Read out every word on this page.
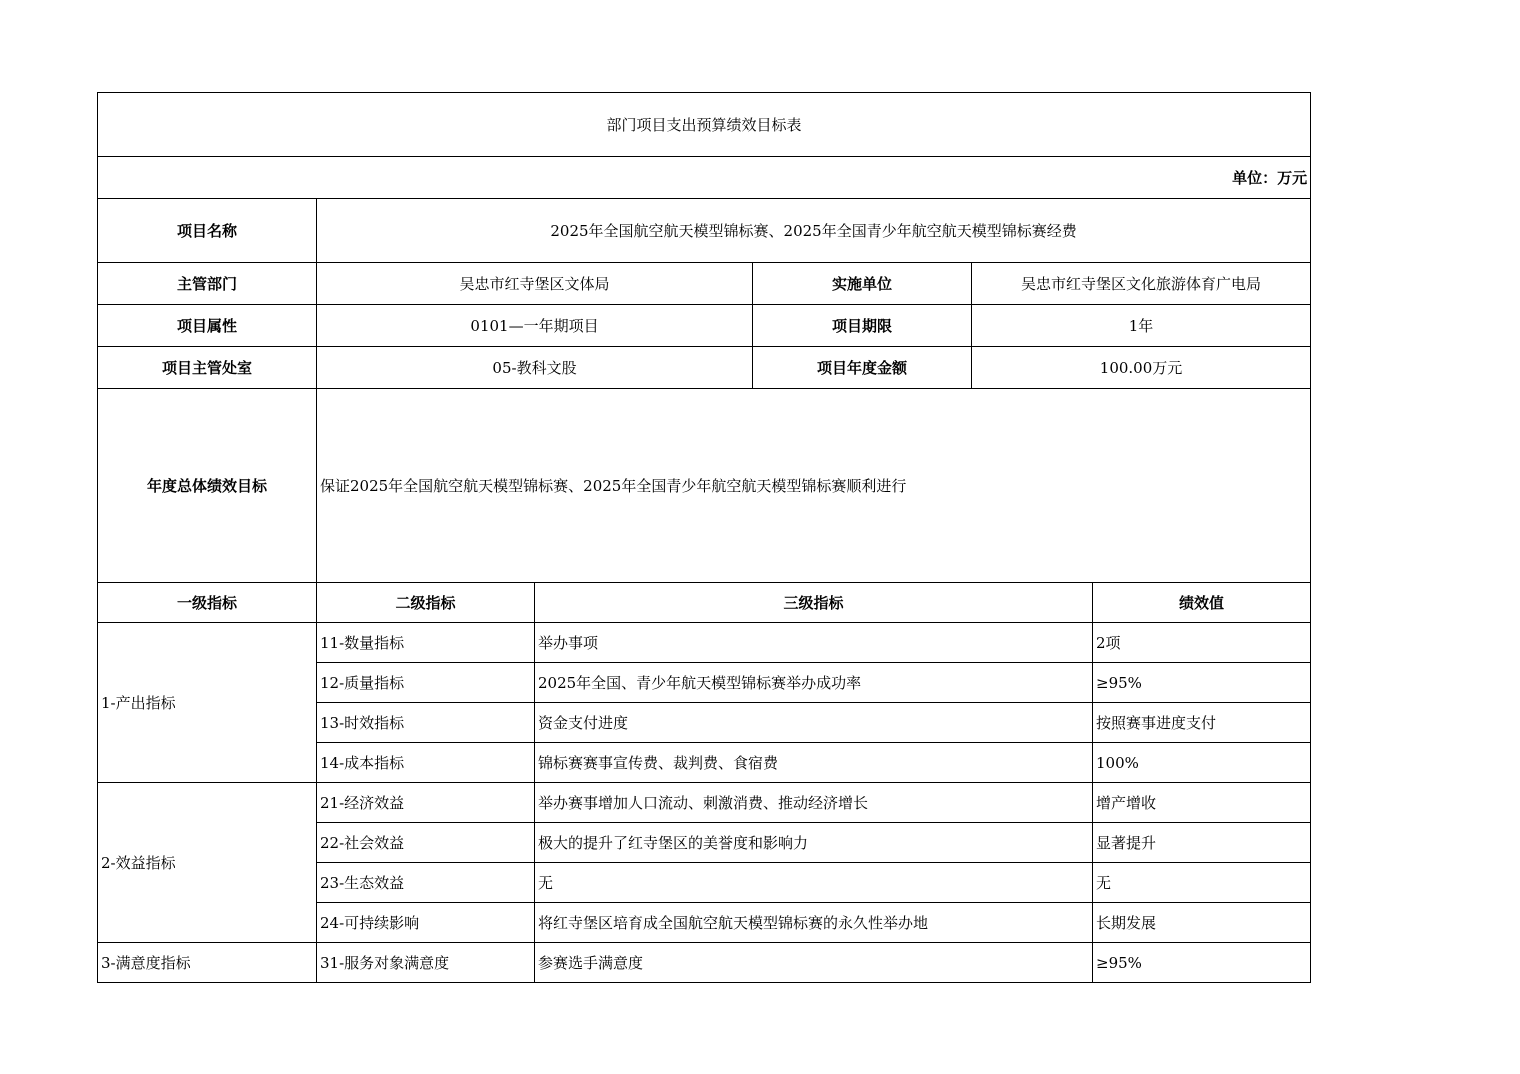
部门项目支出预算绩效目标表					
单位：万元					
项目名称	2025年全国航空航天模型锦标赛、2025年全国青少年航空航天模型锦标赛经费				
主管部门	吴忠市红寺堡区文体局		实施单位	吴忠市红寺堡区文化旅游体育广电局	
项目属性	0101—一年期项目		项目期限	1年	
项目主管处室	05-教科文股		项目年度金额	100.00万元	
年度总体绩效目标	保证2025年全国航空航天模型锦标赛、2025年全国青少年航空航天模型锦标赛顺利进行				
一级指标	二级指标	三级指标			绩效值
1-产出指标	11-数量指标	举办事项			2项
	12-质量指标	2025年全国、青少年航天模型锦标赛举办成功率			≥95%
	13-时效指标	资金支付进度			按照赛事进度支付
	14-成本指标	锦标赛赛事宣传费、裁判费、食宿费			100%
2-效益指标	21-经济效益	举办赛事增加人口流动、刺激消费、推动经济增长			增产增收
	22-社会效益	极大的提升了红寺堡区的美誉度和影响力			显著提升
	23-生态效益	无			无
	24-可持续影响	将红寺堡区培育成全国航空航天模型锦标赛的永久性举办地			长期发展
3-满意度指标	31-服务对象满意度	参赛选手满意度			≥95%
